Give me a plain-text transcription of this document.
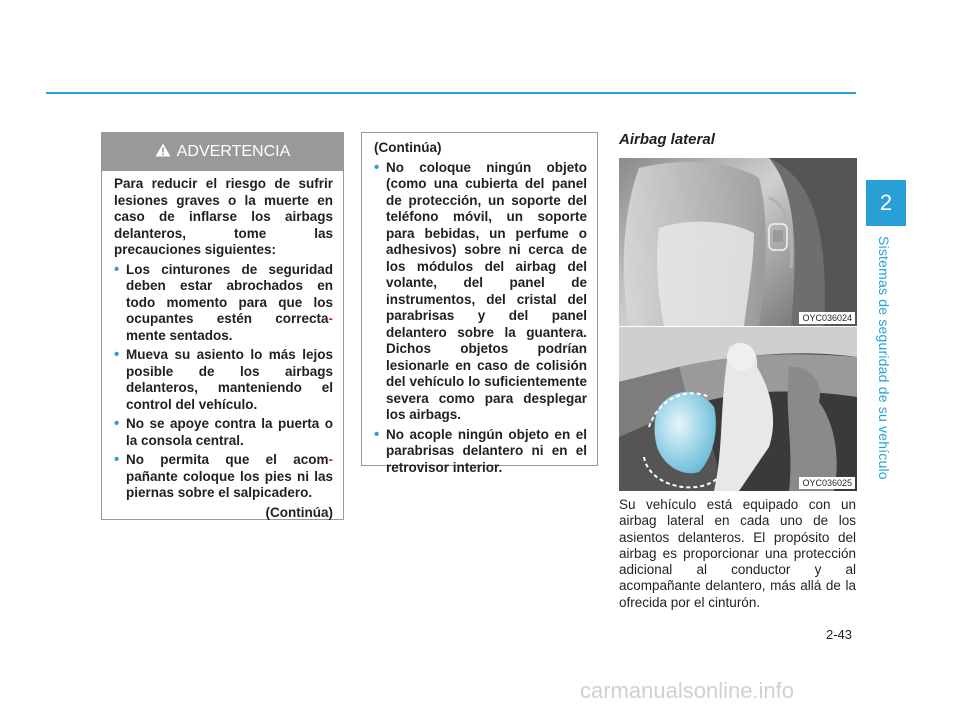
2
Sistemas de seguridad de su vehículo
ADVERTENCIA

Para reducir el riesgo de sufrir lesiones graves o la muerte en caso de inflarse los airbags delanteros, tome las precauciones siguientes:

• Los cinturones de seguridad deben estar abrochados en todo momento para que los ocupantes estén correcta- mente sentados.
• Mueva su asiento lo más lejos posible de los airbags delanteros, manteniendo el control del vehículo.
• No se apoye contra la puerta o la consola central.
• No permita que el acom- pañante coloque los pies ni las piernas sobre el salpicadero.
(Continúa)

(Continúa)

• No coloque ningún objeto (como una cubierta del panel de protección, un soporte del teléfono móvil, un soporte para bebidas, un perfume o adhesivos) sobre ni cerca de los módulos del airbag del volante, del panel de instrumentos, del cristal del parabrisas y del panel delantero sobre la guantera. Dichos objetos podrían lesionarle en caso de colisión del vehículo lo suficientemente severa como para desplegar los airbags.
• No acople ningún objeto en el parabrisas delantero ni en el retrovisor interior.
Airbag lateral
OYC036024
OYC036025

Su vehículo está equipado con un airbag lateral en cada uno de los asientos delanteros. El propósito del airbag es proporcionar una protección adicional al conductor y al acompañante delantero, más allá de la ofrecida por el cinturón.

2-43
carmanualsonline.info
